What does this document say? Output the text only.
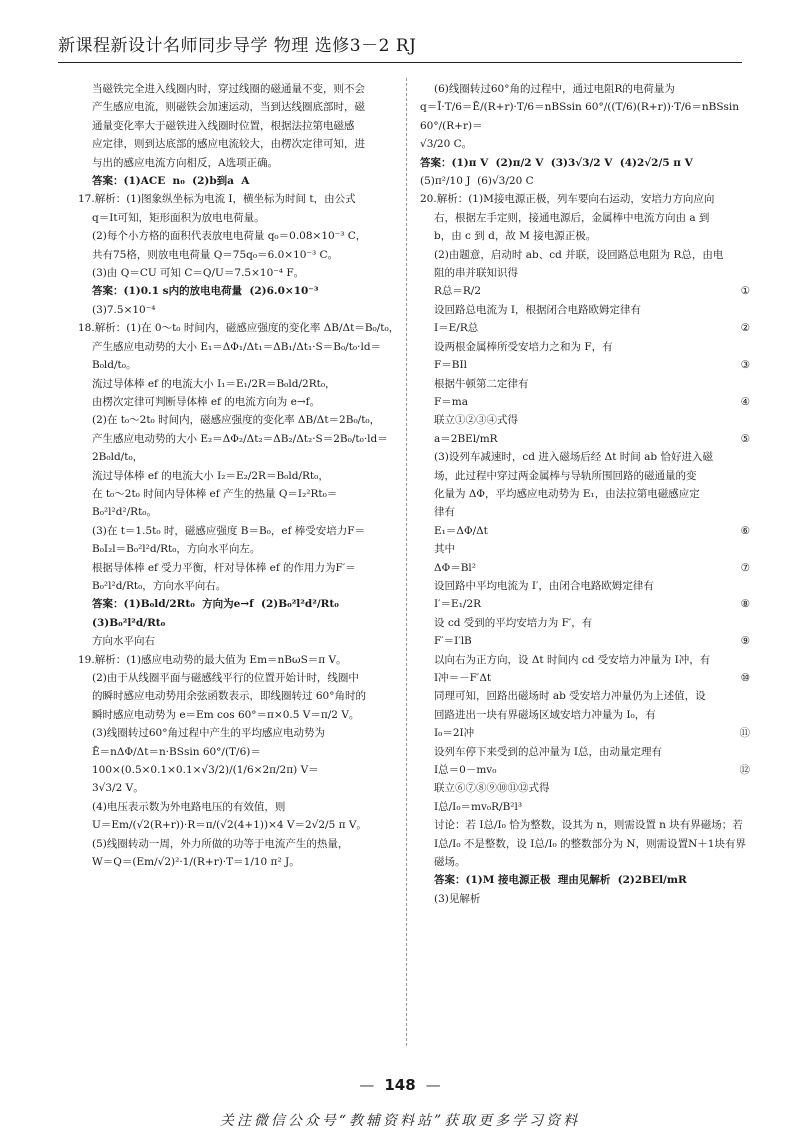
新课程新设计名师同步导学 物理 选修3－2 RJ
当磁铁完全进入线圈内时，穿过线圈的磁通量不变，则不会
产生感应电流，则磁铁会加速运动，当到达线圈底部时，磁
通量变化率大于磁铁进入线圈时位置，根据法拉第电磁感
应定律，则到达底部的感应电流较大，由楞次定律可知，进
与出的感应电流方向相反，A选项正确。
答案：(1)ACE  n₀  (2)b到a  A
17.解析：(1)图象纵坐标为电流 I，横坐标为时间 t，由公式
q＝It可知，矩形面积为放电电荷量。
(2)每个小方格的面积代表放电电荷量 q₀＝0.08×10⁻³ C，
共有75格，则放电电荷量 Q＝75q₀＝6.0×10⁻³ C。
(3)由 Q＝CU 可知 C＝Q/U＝7.5×10⁻⁴ F。
答案：(1)0.1 s内的放电电荷量  (2)6.0×10⁻³
(3)7.5×10⁻⁴
18.解析：(1)在 0～t₀ 时间内，磁感应强度的变化率 ΔB/Δt＝B₀/t₀，
产生感应电动势的大小 E₁＝ΔΦ₁/Δt₁＝ΔB₁/Δt₁·S＝B₀/t₀·ld＝B₀ld/t₀。
流过导体棒 ef 的电流大小 I₁＝E₁/2R＝B₀ld/2Rt₀，
由楞次定律可判断导体棒 ef 的电流方向为 e→f。
(2)在 t₀～2t₀ 时间内，磁感应强度的变化率 ΔB/Δt＝2B₀/t₀，
产生感应电动势的大小 E₂＝ΔΦ₂/Δt₂＝ΔB₂/Δt₂·S＝2B₀/t₀·ld＝
2B₀ld/t₀，
流过导体棒 ef 的电流大小 I₂＝E₂/2R＝B₀ld/Rt₀，
在 t₀～2t₀ 时间内导体棒 ef 产生的热量 Q＝I₂²Rt₀＝
B₀²l²d²/Rt₀。
(3)在 t＝1.5t₀ 时，磁感应强度 B＝B₀，ef 棒受安培力F＝
B₀I₂l＝B₀²l²d/Rt₀，方向水平向左。
根据导体棒 ef 受力平衡，杆对导体棒 ef 的作用力为F′＝
B₀²l²d/Rt₀，方向水平向右。
答案：(1)B₀ld/2Rt₀  方向为e→f  (2)B₀²l²d²/Rt₀  (3)B₀²l²d/Rt₀
方向水平向右
19.解析：(1)感应电动势的最大值为 Em＝nBωS＝π V。
(2)由于从线圈平面与磁感线平行的位置开始计时，线圈中
的瞬时感应电动势用余弦函数表示，即线圈转过 60°角时的
瞬时感应电动势为 e＝Em cos 60°＝π×0.5 V＝π/2 V。
(3)线圈转过60°角过程中产生的平均感应电动势为
Ē＝nΔΦ/Δt＝n·BSsin 60°/(T/6)＝100×(0.5×0.1×0.1×√3/2)/(1/6×2π/2π) V＝
3√3/2 V。
(4)电压表示数为外电路电压的有效值，则
U＝Em/(√2(R+r))·R＝π/(√2(4+1))×4 V＝2√2/5 π V。
(5)线圈转动一周，外力所做的功等于电流产生的热量，
W＝Q＝(Em/√2)²·1/(R+r)·T＝1/10 π² J。
(6)线圈转过60°角的过程中，通过电阻R的电荷量为
q＝Ī·T/6＝Ē/(R+r)·T/6＝nBSsin 60°/((T/6)(R+r))·T/6＝nBSsin 60°/(R+r)＝
√3/20 C。
答案：(1)π V  (2)π/2 V  (3)3√3/2 V  (4)2√2/5 π V
(5)π²/10 J  (6)√3/20 C
20.解析：(1)M接电源正极，列车要向右运动，安培力方向应向
右，根据左手定则，接通电源后，金属棒中电流方向由 a 到
b，由 c 到 d，故 M 接电源正极。
(2)由题意，启动时 ab、cd 并联，设回路总电阻为 R总，由电
阻的串并联知识得
R总＝R/2	①
设回路总电流为 I，根据闭合电路欧姆定律有
I＝E/R总	②
设两根金属棒所受安培力之和为 F，有
F＝BIl	③
根据牛顿第二定律有
F＝ma	④
联立①②③④式得
a＝2BEl/mR	⑤
(3)设列车减速时，cd 进入磁场后经 Δt 时间 ab 恰好进入磁
场，此过程中穿过两金属棒与导轨所围回路的磁通量的变
化量为 ΔΦ，平均感应电动势为 E₁，由法拉第电磁感应定
律有
E₁＝ΔΦ/Δt	⑥
其中
ΔΦ＝Bl²	⑦
设回路中平均电流为 I′，由闭合电路欧姆定律有
I′＝E₁/2R	⑧
设 cd 受到的平均安培力为 F′，有
F′＝I′lB	⑨
以向右为正方向，设 Δt 时间内 cd 受安培力冲量为 I冲，有
I冲＝－F′Δt	⑩
同理可知，回路出磁场时 ab 受安培力冲量仍为上述值，设
回路进出一块有界磁场区域安培力冲量为 I₀，有
I₀＝2I冲	⑪
设列车停下来受到的总冲量为 I总，由动量定理有
I总＝0－mv₀	⑫
联立⑥⑦⑧⑨⑩⑪⑫式得
I总/I₀＝mv₀R/B²l³
讨论：若 I总/I₀ 恰为整数，设其为 n，则需设置 n 块有界磁场；若
I总/I₀ 不是整数，设 I总/I₀ 的整数部分为 N，则需设置N＋1块有界
磁场。
答案：(1)M 接电源正极  理由见解析  (2)2BEl/mR
(3)见解析
— 148 —
关注微信公众号“教辅资料站”获取更多学习资料
